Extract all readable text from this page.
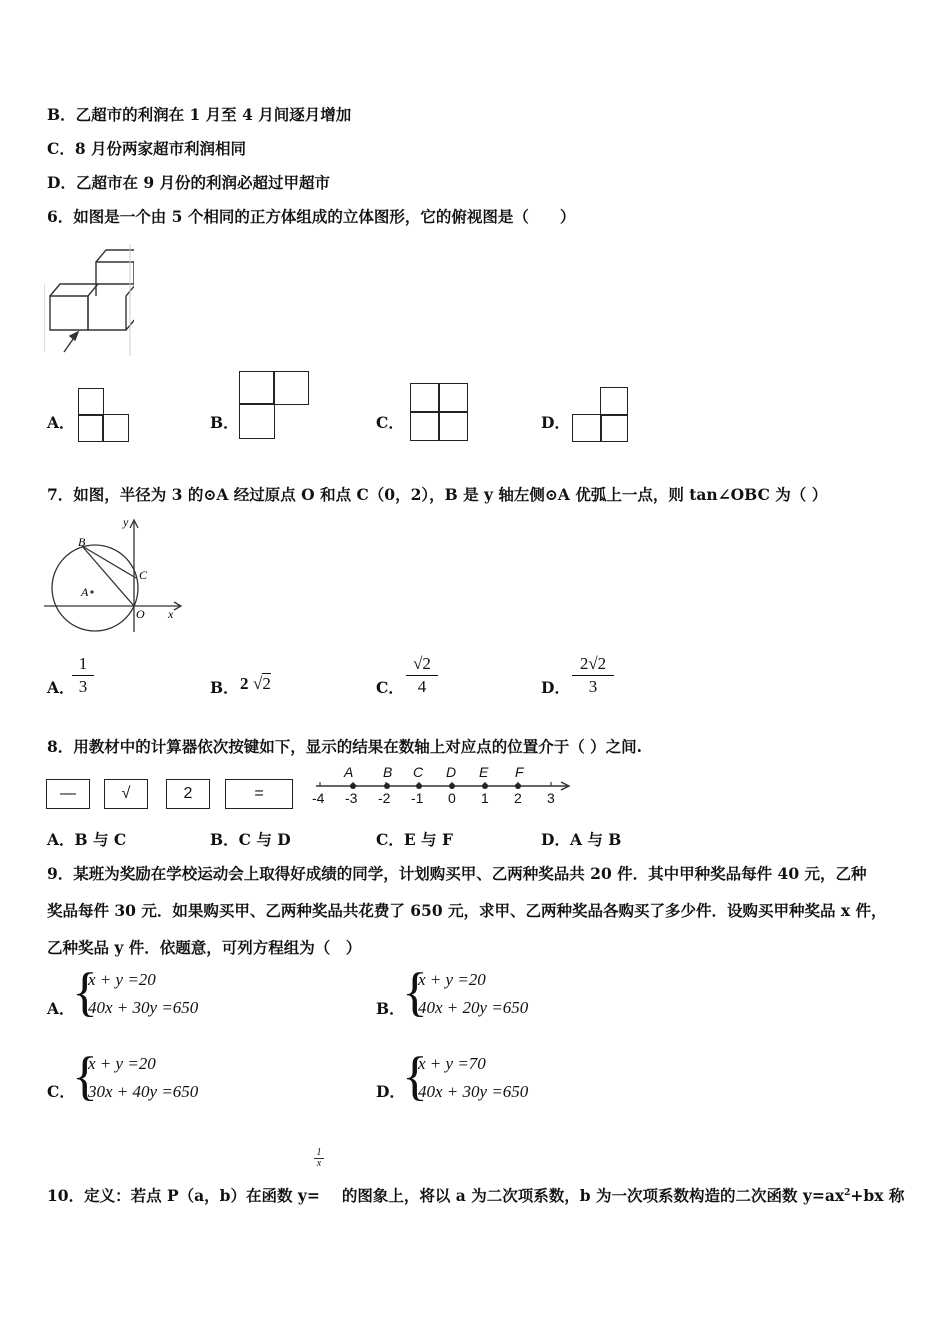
B．乙超市的利润在 1 月至 4 月间逐月增加
C．8 月份两家超市利润相同
D．乙超市在 9 月份的利润必超过甲超市
6．如图是一个由 5 个相同的正方体组成的立体图形，它的俯视图是（　　）
A．	B．	C．	D．
7．如图，半径为 3 的⊙A 经过原点 O 和点 C（0，2），B 是 y 轴左侧⊙A 优弧上一点，则 tan∠OBC 为（ ）
y
x
B
C
A
O
A．
1
3	B． 2 √2	C．
√2
4	D．
2√2
3
8．用教材中的计算器依次按键如下，显示的结果在数轴上对应点的位置介于（ ）之间.
—	√	2	=
A B C D E F
-4 -3 -2 -1 0 1 2 3
A．B 与 C	B．C 与 D	C．E 与 F	D．A 与 B
9．某班为奖励在学校运动会上取得好成绩的同学，计划购买甲、乙两种奖品共 20 件．其中甲种奖品每件 40 元，乙种
奖品每件 30 元．如果购买甲、乙两种奖品共花费了 650 元，求甲、乙两种奖品各购买了多少件．设购买甲种奖品 x 件，
乙种奖品 y 件．依题意，可列方程组为（　）
A．
{
x + y =20
40x + 30y =650	B．
{
x + y =20
40x + 20y =650
C．
{
x + y =20
30x + 40y =650	D．
{
x + y =70
40x + 30y =650
1
x
10．定义：若点 P（a，b）在函数 y= 的图象上，将以 a 为二次项系数，b 为一次项系数构造的二次函数 $y=ax^2+bx$ 称
